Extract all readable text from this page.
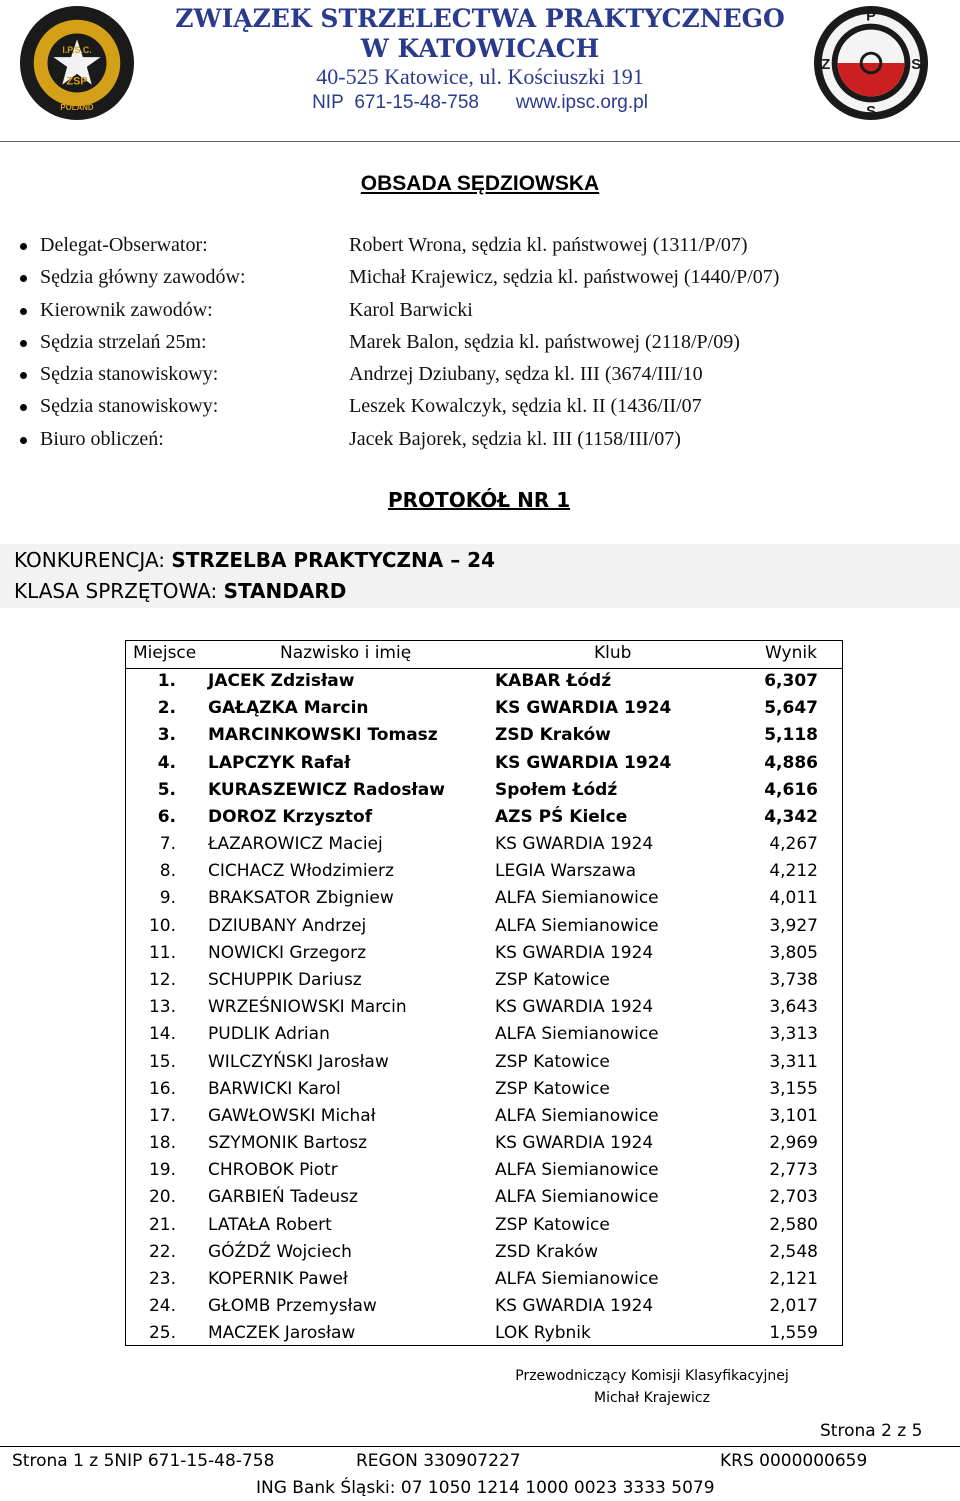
I.P.S.C.
ZSP
POLAND
ZWIĄZEK STRZELECTWA PRAKTYCZNEGO
W KATOWICACH
40-525 Katowice, ul. Kościuszki 191
NIP 671-15-48-758 www.ipsc.org.pl
P
Z	S
S
OBSADA SĘDZIOWSKA
Delegat-Obserwator:	Robert Wrona, sędzia kl. państwowej (1311/P/07)
Sędzia główny zawodów:	Michał Krajewicz, sędzia kl. państwowej (1440/P/07)
Kierownik zawodów:	Karol Barwicki
Sędzia strzelań 25m:	Marek Balon, sędzia kl. państwowej (2118/P/09)
Sędzia stanowiskowy:	Andrzej Dziubany, sędza kl. III (3674/III/10
Sędzia stanowiskowy:	Leszek Kowalczyk, sędzia kl. II (1436/II/07
Biuro obliczeń:	Jacek Bajorek, sędzia kl. III (1158/III/07)
PROTOKÓŁ NR 1
KONKURENCJA: STRZELBA PRAKTYCZNA – 24
KLASA SPRZĘTOWA: STANDARD
Miejsce	Nazwisko i imię	Klub	Wynik
1. JACEK Zdzisław	KABAR Łódź	6,307
2. GAŁĄZKA Marcin	KS GWARDIA 1924	5,647
3. MARCINKOWSKI Tomasz	ZSD Kraków	5,118
4. LAPCZYK Rafał	KS GWARDIA 1924	4,886
5. KURASZEWICZ Radosław	Społem Łódź	4,616
6. DOROZ Krzysztof	AZS PŚ Kielce	4,342
7. ŁAZAROWICZ Maciej	KS GWARDIA 1924	4,267
8. CICHACZ Włodzimierz	LEGIA Warszawa	4,212
9. BRAKSATOR Zbigniew	ALFA Siemianowice	4,011
10. DZIUBANY Andrzej	ALFA Siemianowice	3,927
11. NOWICKI Grzegorz	KS GWARDIA 1924	3,805
12. SCHUPPIK Dariusz	ZSP Katowice	3,738
13. WRZEŚNIOWSKI Marcin	KS GWARDIA 1924	3,643
14. PUDLIK Adrian	ALFA Siemianowice	3,313
15. WILCZYŃSKI Jarosław	ZSP Katowice	3,311
16. BARWICKI Karol	ZSP Katowice	3,155
17. GAWŁOWSKI Michał	ALFA Siemianowice	3,101
18. SZYMONIK Bartosz	KS GWARDIA 1924	2,969
19. CHROBOK Piotr	ALFA Siemianowice	2,773
20. GARBIEŃ Tadeusz	ALFA Siemianowice	2,703
21. LATAŁA Robert	ZSP Katowice	2,580
22. GÓŹDŹ Wojciech	ZSD Kraków	2,548
23. KOPERNIK Paweł	ALFA Siemianowice	2,121
24. GŁOMB Przemysław	KS GWARDIA 1924	2,017
25. MACZEK Jarosław	LOK Rybnik	1,559
Przewodniczący Komisji Klasyfikacyjnej
Michał Krajewicz
Strona 2 z 5
Strona 1 z 5NIP 671-15-48-758	REGON 330907227	KRS 0000000659
ING Bank Śląski: 07 1050 1214 1000 0023 3333 5079
